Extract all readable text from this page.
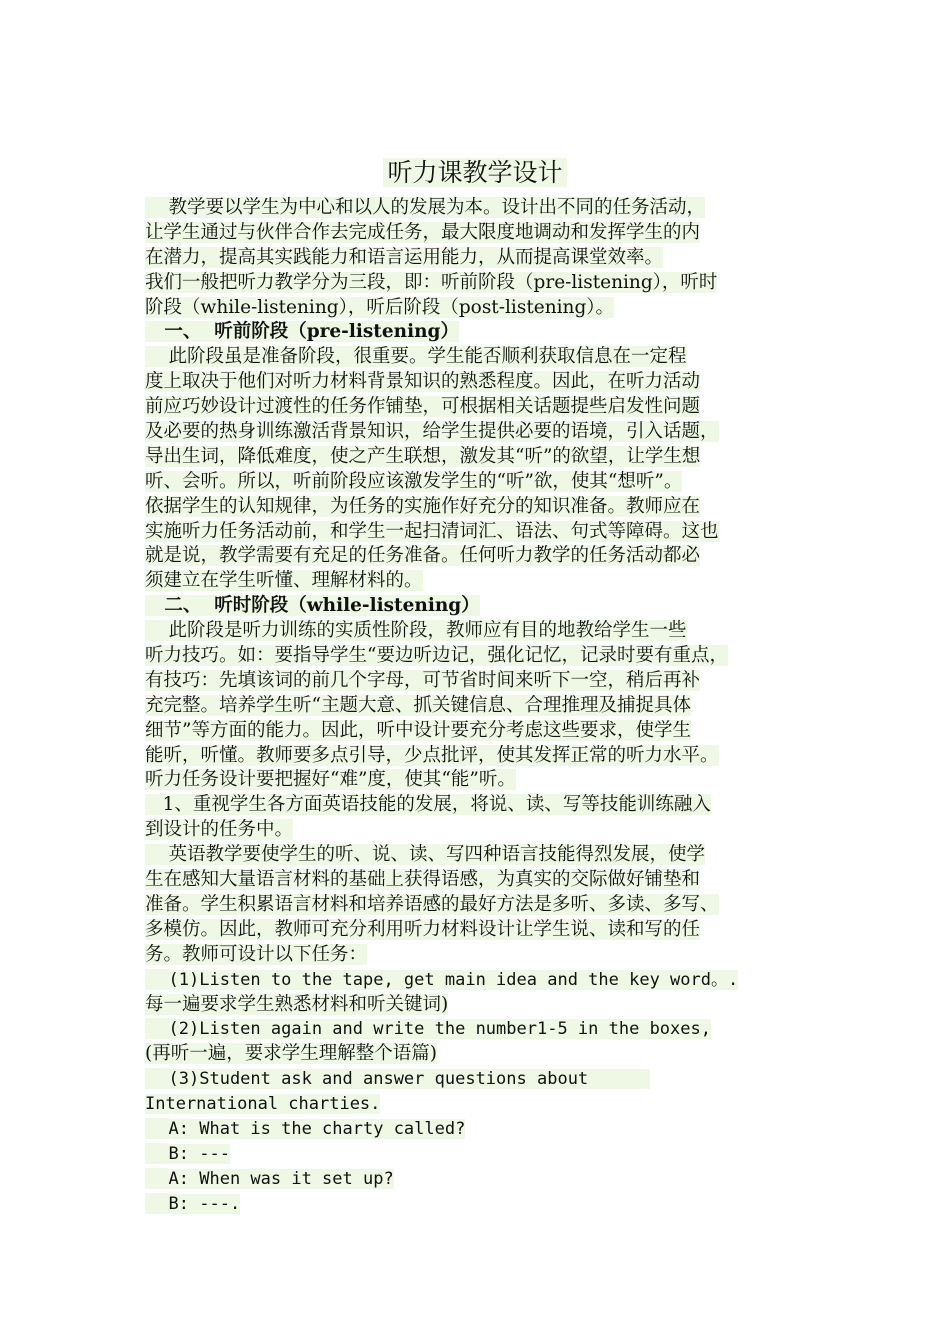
听力课教学设计
教学要以学生为中心和以人的发展为本。设计出不同的任务活动，
让学生通过与伙伴合作去完成任务，最大限度地调动和发挥学生的内
在潜力，提高其实践能力和语言运用能力，从而提高课堂效率。
我们一般把听力教学分为三段，即：听前阶段（pre-listening），听时
阶段（while-listening），听后阶段（post-listening）。
一、  听前阶段（pre-listening）
此阶段虽是准备阶段，很重要。学生能否顺利获取信息在一定程
度上取决于他们对听力材料背景知识的熟悉程度。因此，在听力活动
前应巧妙设计过渡性的任务作铺垫，可根据相关话题提些启发性问题
及必要的热身训练激活背景知识，给学生提供必要的语境，引入话题，
导出生词，降低难度，使之产生联想，激发其“听”的欲望，让学生想
听、会听。所以，听前阶段应该激发学生的“听”欲，使其“想听”。
依据学生的认知规律，为任务的实施作好充分的知识准备。教师应在
实施听力任务活动前，和学生一起扫清词汇、语法、句式等障碍。这也
就是说，教学需要有充足的任务准备。任何听力教学的任务活动都必
须建立在学生听懂、理解材料的。
二、  听时阶段（while-listening）
此阶段是听力训练的实质性阶段，教师应有目的地教给学生一些
听力技巧。如：要指导学生“要边听边记，强化记忆，记录时要有重点，
有技巧：先填该词的前几个字母，可节省时间来听下一空，稍后再补
充完整。培养学生听“主题大意、抓关键信息、合理推理及捕捉具体
细节”等方面的能力。因此，听中设计要充分考虑这些要求，使学生
能听，听懂。教师要多点引导，少点批评，使其发挥正常的听力水平。
听力任务设计要把握好“难”度，使其“能”听。
1、重视学生各方面英语技能的发展，将说、读、写等技能训练融入
到设计的任务中。
英语教学要使学生的听、说、读、写四种语言技能得烈发展，使学
生在感知大量语言材料的基础上获得语感，为真实的交际做好铺垫和
准备。学生积累语言材料和培养语感的最好方法是多听、多读、多写、
多模仿。因此，教师可充分利用听力材料设计让学生说、读和写的任
务。教师可设计以下任务：
(1)Listen to the tape, get main idea and the key word。.
每一遍要求学生熟悉材料和听关键词)
(2)Listen again and write the number1-5 in the boxes,
(再听一遍，要求学生理解整个语篇)
(3)Student ask and answer questions about
International charties.
A: What is the charty called?
B: ---
A: When was it set up?
B: ---.
